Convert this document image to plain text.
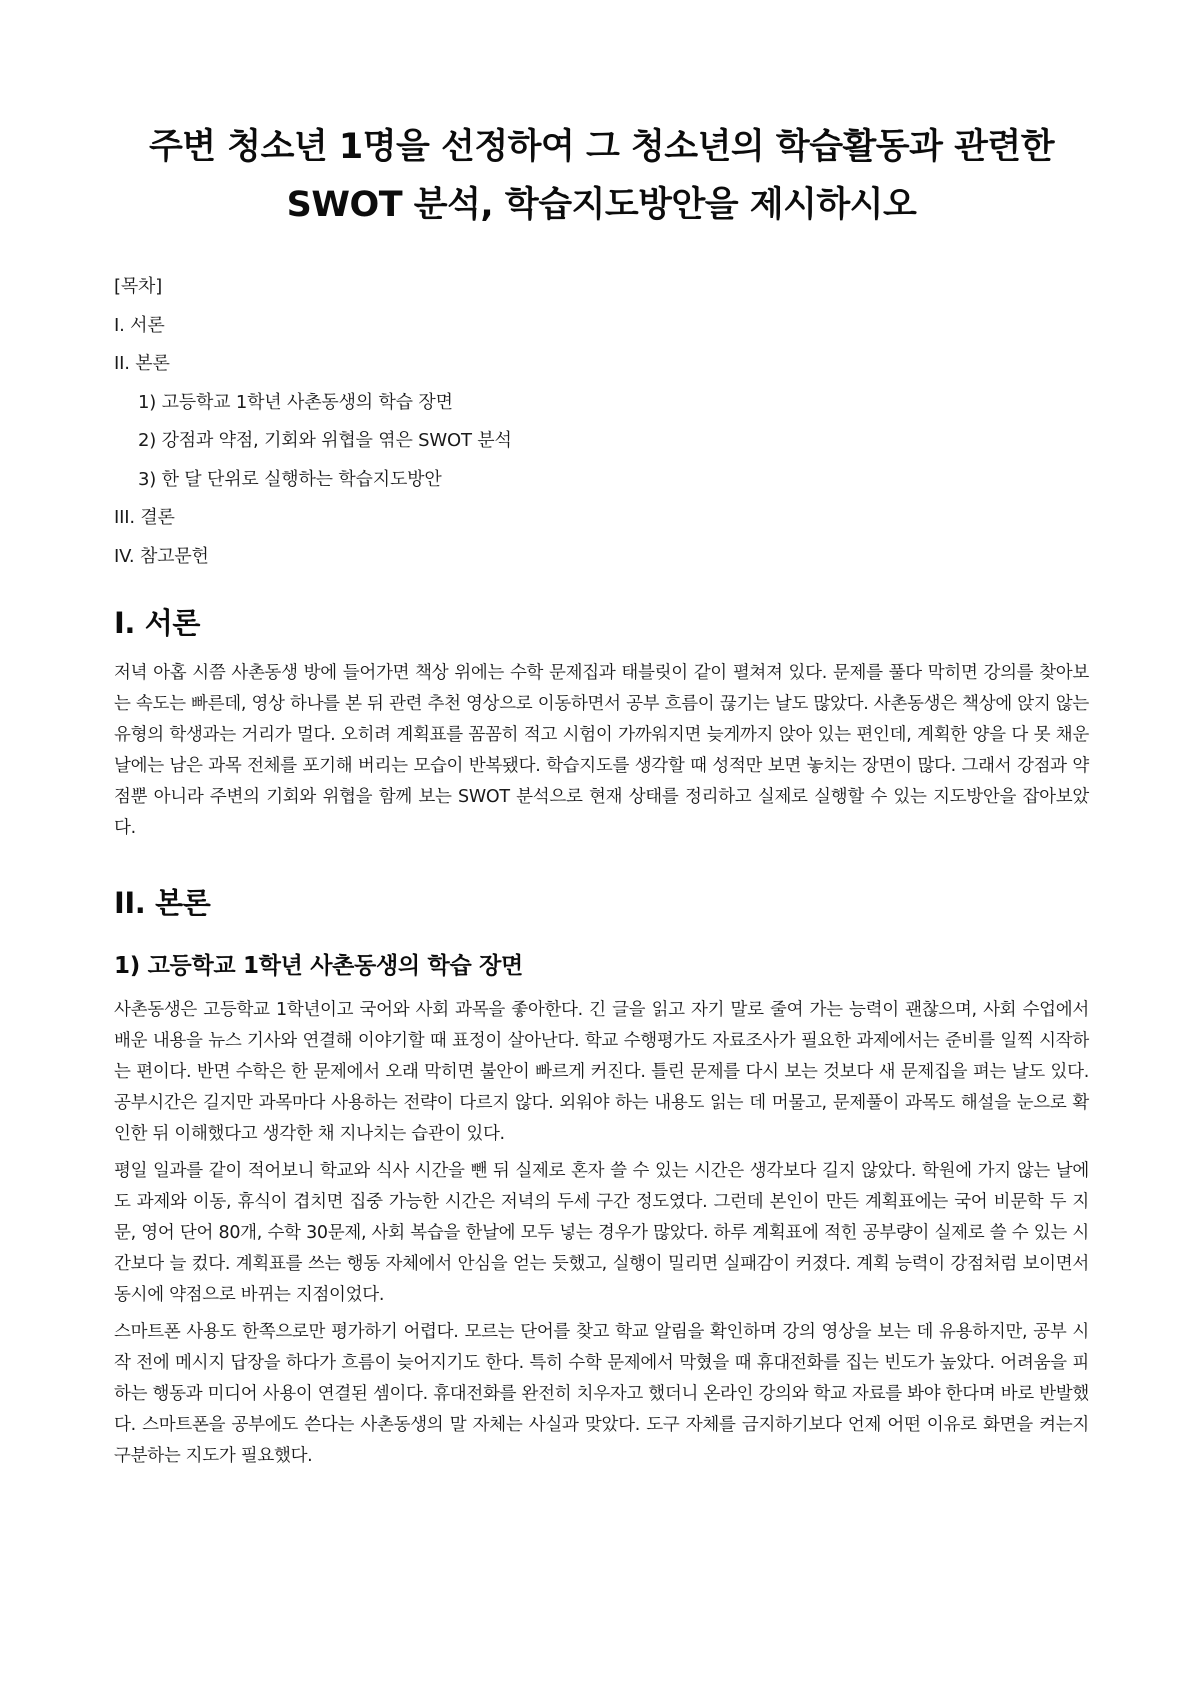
주변 청소년 1명을 선정하여 그 청소년의 학습활동과 관련한 SWOT 분석, 학습지도방안을 제시하시오
[목차]
I. 서론
II. 본론
1) 고등학교 1학년 사촌동생의 학습 장면
2) 강점과 약점, 기회와 위협을 엮은 SWOT 분석
3) 한 달 단위로 실행하는 학습지도방안
III. 결론
IV. 참고문헌
I. 서론

저녁 아홉 시쯤 사촌동생 방에 들어가면 책상 위에는 수학 문제집과 태블릿이 같이 펼쳐져 있다. 문제를 풀다 막히면 강의를 찾아보는 속도는 빠른데, 영상 하나를 본 뒤 관련 추천 영상으로 이동하면서 공부 흐름이 끊기는 날도 많았다. 사촌동생은 책상에 앉지 않는 유형의 학생과는 거리가 멀다. 오히려 계획표를 꼼꼼히 적고 시험이 가까워지면 늦게까지 앉아 있는 편인데, 계획한 양을 다 못 채운 날에는 남은 과목 전체를 포기해 버리는 모습이 반복됐다. 학습지도를 생각할 때 성적만 보면 놓치는 장면이 많다. 그래서 강점과 약점뿐 아니라 주변의 기회와 위협을 함께 보는 SWOT 분석으로 현재 상태를 정리하고 실제로 실행할 수 있는 지도방안을 잡아보았다.

II. 본론
1) 고등학교 1학년 사촌동생의 학습 장면

사촌동생은 고등학교 1학년이고 국어와 사회 과목을 좋아한다. 긴 글을 읽고 자기 말로 줄여 가는 능력이 괜찮으며, 사회 수업에서 배운 내용을 뉴스 기사와 연결해 이야기할 때 표정이 살아난다. 학교 수행평가도 자료조사가 필요한 과제에서는 준비를 일찍 시작하는 편이다. 반면 수학은 한 문제에서 오래 막히면 불안이 빠르게 커진다. 틀린 문제를 다시 보는 것보다 새 문제집을 펴는 날도 있다. 공부시간은 길지만 과목마다 사용하는 전략이 다르지 않다. 외워야 하는 내용도 읽는 데 머물고, 문제풀이 과목도 해설을 눈으로 확인한 뒤 이해했다고 생각한 채 지나치는 습관이 있다.

평일 일과를 같이 적어보니 학교와 식사 시간을 뺀 뒤 실제로 혼자 쓸 수 있는 시간은 생각보다 길지 않았다. 학원에 가지 않는 날에도 과제와 이동, 휴식이 겹치면 집중 가능한 시간은 저녁의 두세 구간 정도였다. 그런데 본인이 만든 계획표에는 국어 비문학 두 지문, 영어 단어 80개, 수학 30문제, 사회 복습을 한날에 모두 넣는 경우가 많았다. 하루 계획표에 적힌 공부량이 실제로 쓸 수 있는 시간보다 늘 컸다. 계획표를 쓰는 행동 자체에서 안심을 얻는 듯했고, 실행이 밀리면 실패감이 커졌다. 계획 능력이 강점처럼 보이면서 동시에 약점으로 바뀌는 지점이었다.

스마트폰 사용도 한쪽으로만 평가하기 어렵다. 모르는 단어를 찾고 학교 알림을 확인하며 강의 영상을 보는 데 유용하지만, 공부 시작 전에 메시지 답장을 하다가 흐름이 늦어지기도 한다. 특히 수학 문제에서 막혔을 때 휴대전화를 집는 빈도가 높았다. 어려움을 피하는 행동과 미디어 사용이 연결된 셈이다. 휴대전화를 완전히 치우자고 했더니 온라인 강의와 학교 자료를 봐야 한다며 바로 반발했다. 스마트폰을 공부에도 쓴다는 사촌동생의 말 자체는 사실과 맞았다. 도구 자체를 금지하기보다 언제 어떤 이유로 화면을 켜는지 구분하는 지도가 필요했다.
